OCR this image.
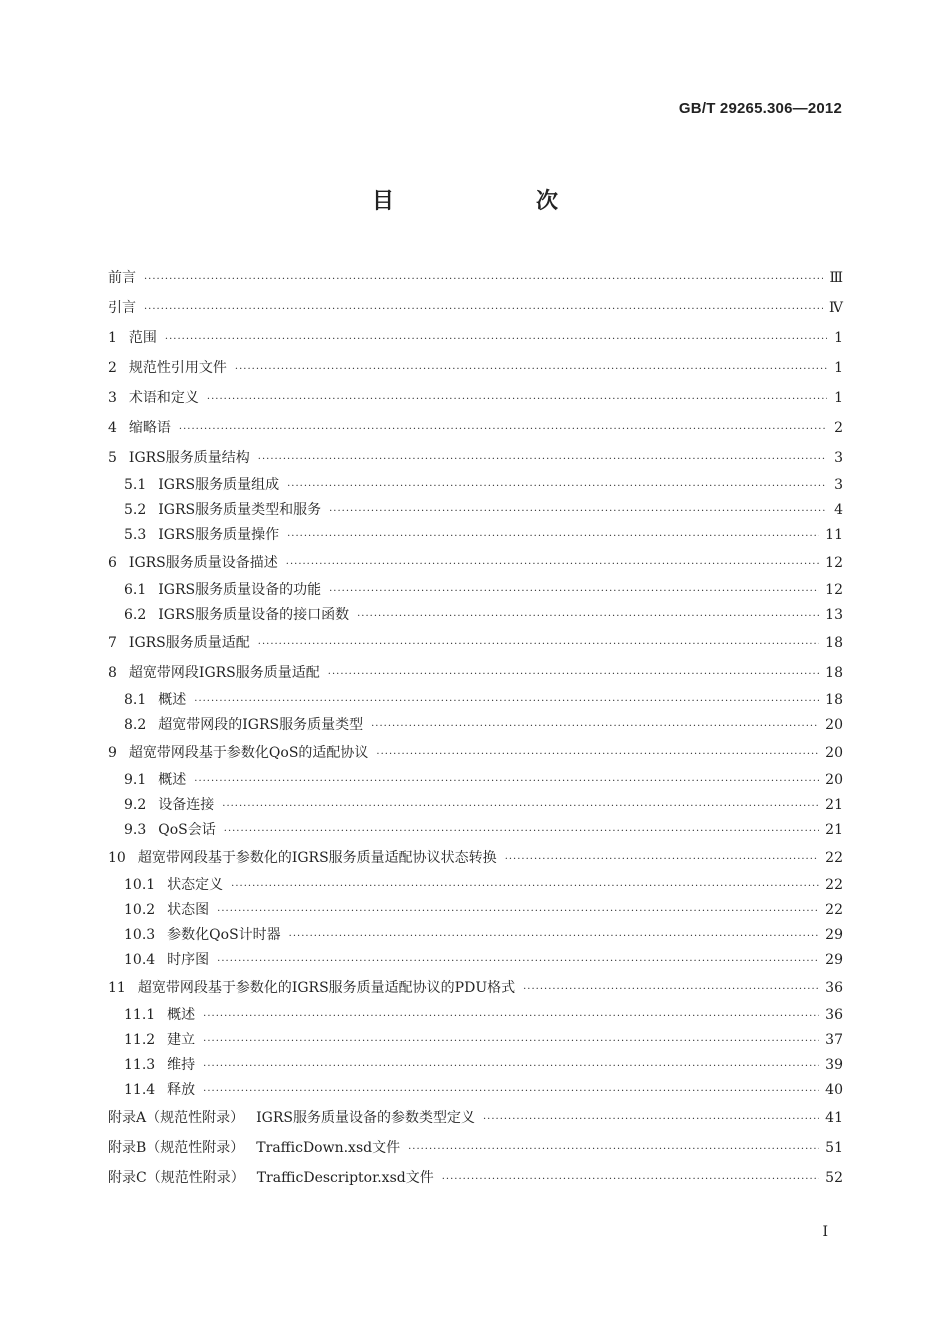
GB/T 29265.306—2012
目　次
前言 ·····	Ⅲ
引言 ·····	Ⅳ
1 范围 ·····	1
2 规范性引用文件 ·····	1
3 术语和定义 ·····	1
4 缩略语 ·····	2
5 IGRS服务质量结构 ·····	3
5.1 IGRS服务质量组成 ·····	3
5.2 IGRS服务质量类型和服务 ·····	4
5.3 IGRS服务质量操作 ·····	11
6 IGRS服务质量设备描述 ·····	12
6.1 IGRS服务质量设备的功能 ·····	12
6.2 IGRS服务质量设备的接口函数 ·····	13
7 IGRS服务质量适配 ·····	18
8 超宽带网段IGRS服务质量适配 ·····	18
8.1 概述 ·····	18
8.2 超宽带网段的IGRS服务质量类型 ·····	20
9 超宽带网段基于参数化QoS的适配协议 ·····	20
9.1 概述 ·····	20
9.2 设备连接 ·····	21
9.3 QoS会话 ·····	21
10 超宽带网段基于参数化的IGRS服务质量适配协议状态转换 ·····	22
10.1 状态定义 ·····	22
10.2 状态图 ·····	22
10.3 参数化QoS计时器 ·····	29
10.4 时序图 ·····	29
11 超宽带网段基于参数化的IGRS服务质量适配协议的PDU格式 ·····	36
11.1 概述 ·····	36
11.2 建立 ·····	37
11.3 维持 ·····	39
11.4 释放 ·····	40
附录A（规范性附录） IGRS服务质量设备的参数类型定义 ·····	41
附录B（规范性附录） TrafficDown.xsd文件 ·····	51
附录C（规范性附录） TrafficDescriptor.xsd文件 ·····	52
Ⅰ
